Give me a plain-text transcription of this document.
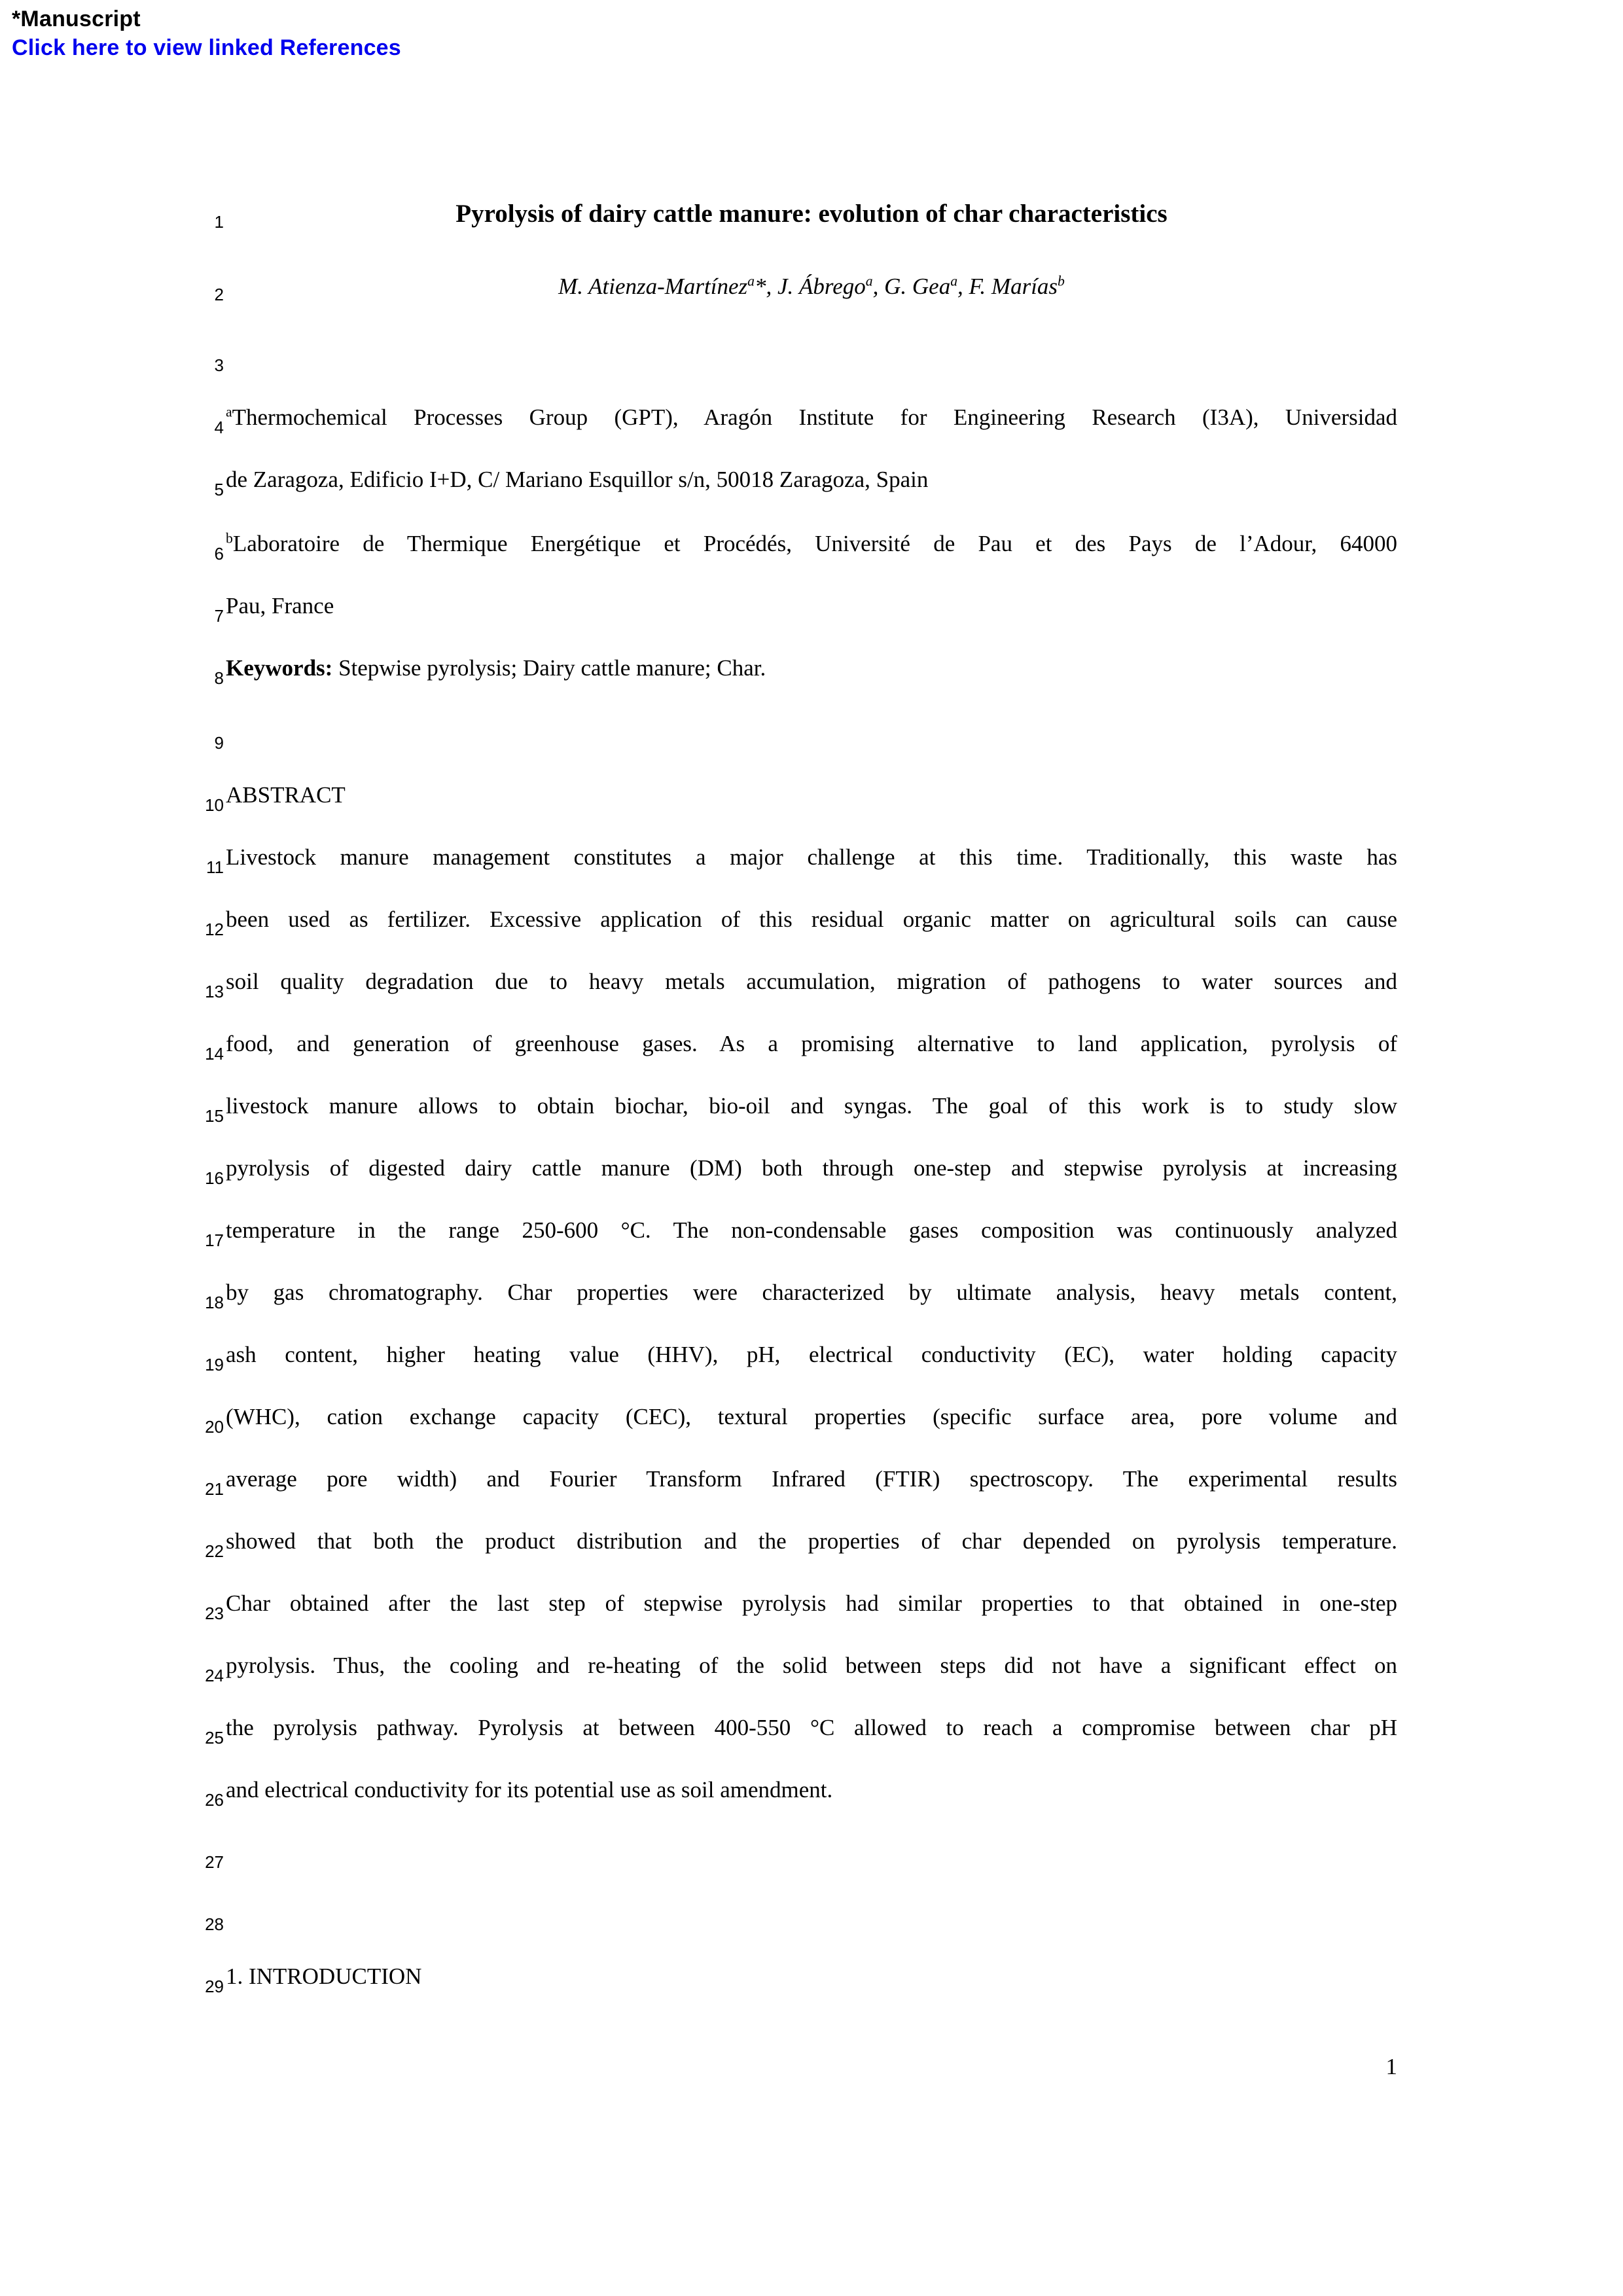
*Manuscript
Click here to view linked References
1
2
3
4
5
6
7
8
9
10
11
12
13
14
15
16
17
18
19
20
21
22
23
24
25
26
27
28
29
Pyrolysis of dairy cattle manure: evolution of char characteristics
M. Atienza-Martínez$^a$*, J. Ábrego$^a$, G. Gea$^a$, F. Marías$^b$
$^a$Thermochemical Processes Group (GPT), Aragón Institute for Engineering Research (I3A), Universidad
de Zaragoza, Edificio I+D, C/ Mariano Esquillor s/n, 50018 Zaragoza, Spain
$^b$Laboratoire de Thermique Energétique et Procédés, Université de Pau et des Pays de l’Adour, 64000
Pau, France
Keywords: Stepwise pyrolysis; Dairy cattle manure; Char.
ABSTRACT
Livestock manure management constitutes a major challenge at this time. Traditionally, this waste has
been used as fertilizer. Excessive application of this residual organic matter on agricultural soils can cause
soil quality degradation due to heavy metals accumulation, migration of pathogens to water sources and
food, and generation of greenhouse gases. As a promising alternative to land application, pyrolysis of
livestock manure allows to obtain biochar, bio-oil and syngas. The goal of this work is to study slow
pyrolysis of digested dairy cattle manure (DM) both through one-step and stepwise pyrolysis at increasing
temperature in the range 250-600 °C. The non-condensable gases composition was continuously analyzed
by gas chromatography. Char properties were characterized by ultimate analysis, heavy metals content,
ash content, higher heating value (HHV), pH, electrical conductivity (EC), water holding capacity
(WHC), cation exchange capacity (CEC), textural properties (specific surface area, pore volume and
average pore width) and Fourier Transform Infrared (FTIR) spectroscopy. The experimental results
showed that both the product distribution and the properties of char depended on pyrolysis temperature.
Char obtained after the last step of stepwise pyrolysis had similar properties to that obtained in one-step
pyrolysis. Thus, the cooling and re-heating of the solid between steps did not have a significant effect on
the pyrolysis pathway. Pyrolysis at between 400-550 °C allowed to reach a compromise between char pH
and electrical conductivity for its potential use as soil amendment.
1. INTRODUCTION
1
